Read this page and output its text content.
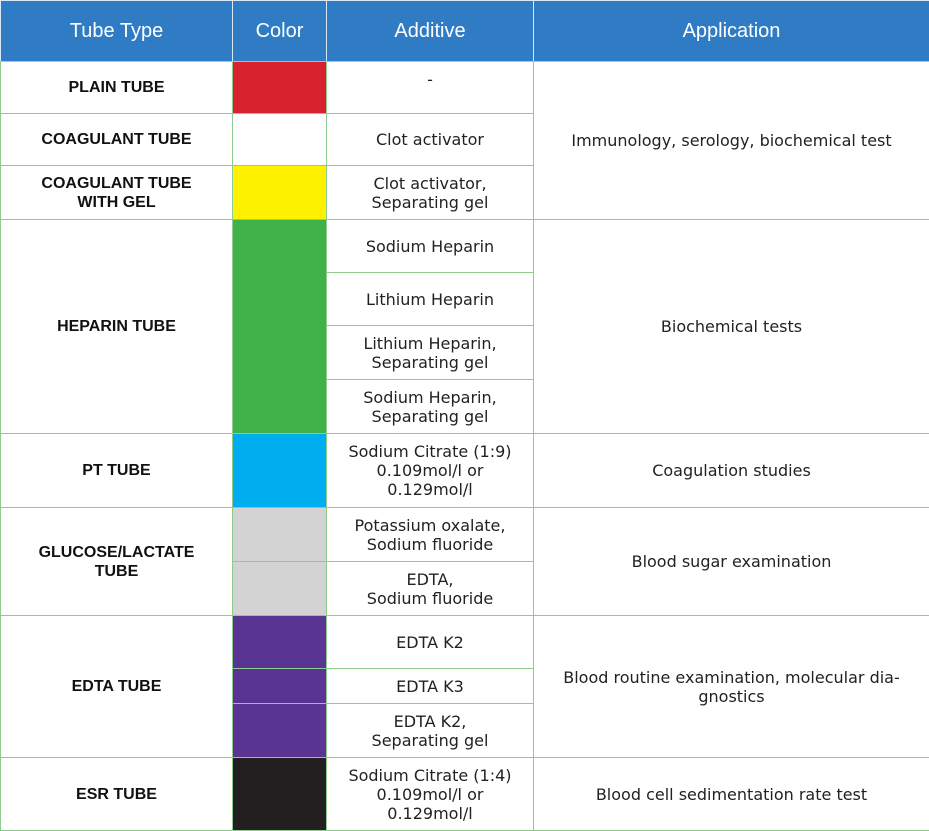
Tube Type	Color	Additive	Application
PLAIN TUBE		-	Immunology, serology, biochemical test
COAGULANT TUBE		Clot activator	
COAGULANT TUBE
WITH GEL		Clot activator,
Separating gel	
HEPARIN TUBE		Sodium Heparin	Biochemical tests
		Lithium Heparin	
		Lithium Heparin,
Separating gel	
		Sodium Heparin,
Separating gel	
PT TUBE		Sodium Citrate (1:9)
0.109mol/l or
0.129mol/l	Coagulation studies
GLUCOSE/LACTATE
TUBE		Potassium oxalate,
Sodium fluoride	Blood sugar examination
		EDTA,
Sodium fluoride	
EDTA TUBE		EDTA K2	Blood routine examination, molecular dia-
gnostics
		EDTA K3	
		EDTA K2,
Separating gel	
ESR TUBE		Sodium Citrate (1:4)
0.109mol/l or
0.129mol/l	Blood cell sedimentation rate test
